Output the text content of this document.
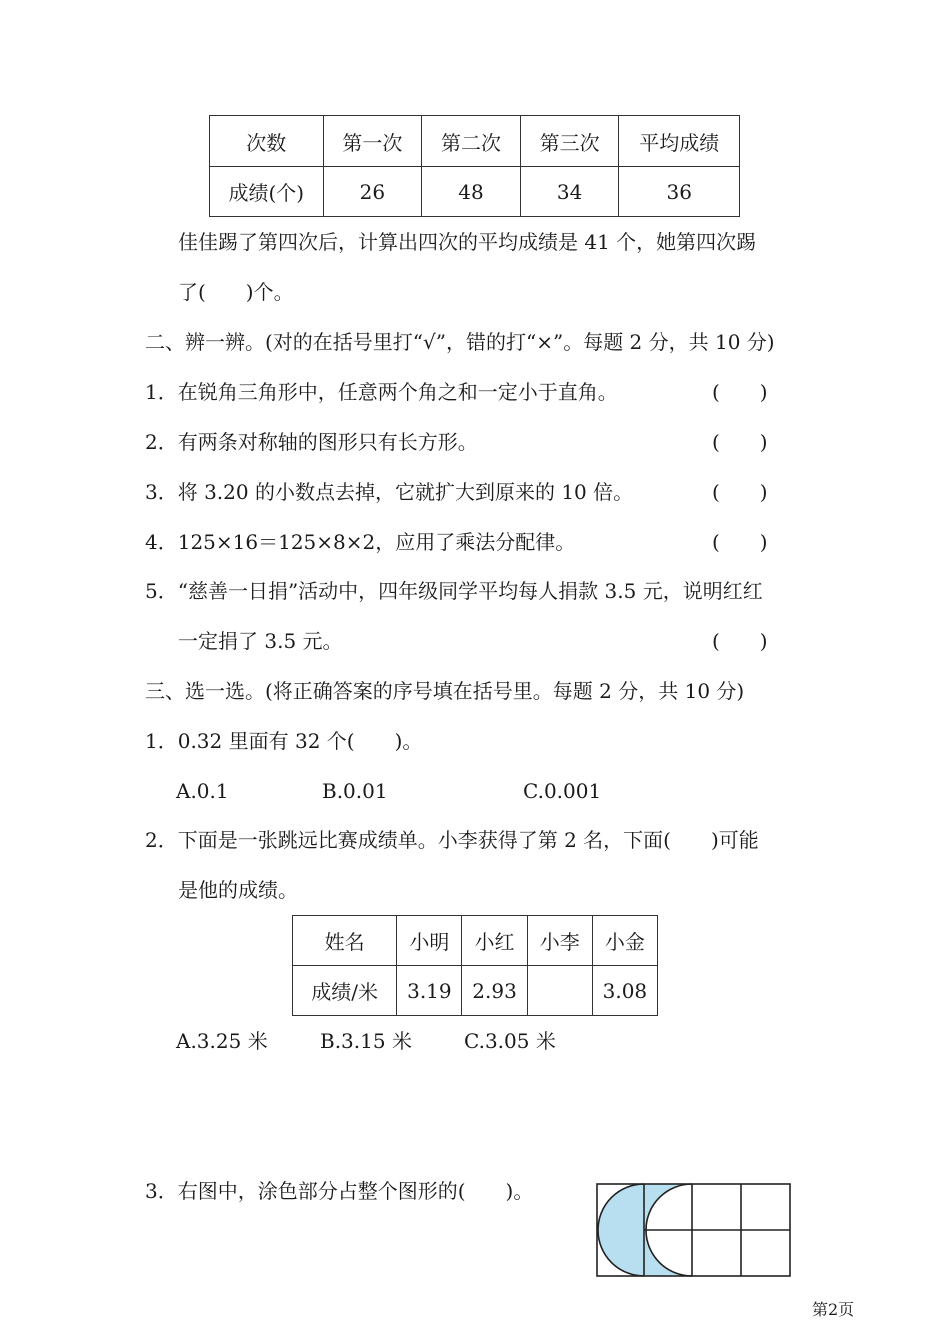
次数	第一次	第二次	第三次	平均成绩
成绩(个)	26	48	34	36
佳佳踢了第四次后，计算出四次的平均成绩是 41 个，她第四次踢
了(　　)个。
二、辨一辨。(对的在括号里打“√”，错的打“×”。每题 2 分，共 10 分)
1．在锐角三角形中，任意两个角之和一定小于直角。	(　　)
2．有两条对称轴的图形只有长方形。	(　　)
3．将 3.20 的小数点去掉，它就扩大到原来的 10 倍。	(　　)
4．125×16＝125×8×2，应用了乘法分配律。	(　　)
5．“慈善一日捐”活动中，四年级同学平均每人捐款 3.5 元，说明红红
一定捐了 3.5 元。	(　　)
三、选一选。(将正确答案的序号填在括号里。每题 2 分，共 10 分)
1．0.32 里面有 32 个(　　)。
A.0.1	B.0.01	C.0.001
2．下面是一张跳远比赛成绩单。小李获得了第 2 名，下面(　　)可能
是他的成绩。
姓名	小明	小红	小李	小金
成绩/米	3.19	2.93		3.08
A.3.25 米	B.3.15 米	C.3.05 米
3．右图中，涂色部分占整个图形的(　　)。
第2页
